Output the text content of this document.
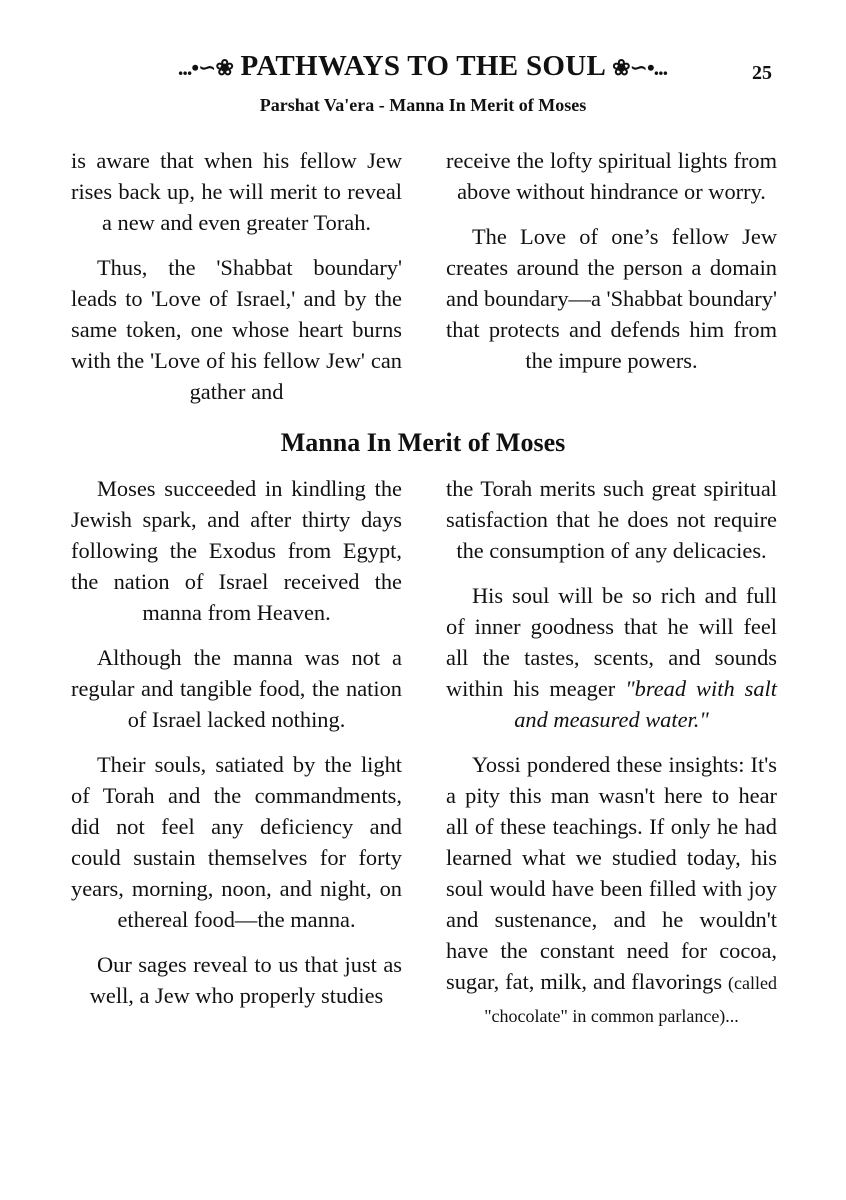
...•∽❀ PATHWAYS TO THE SOUL ❀∽•...	25
Parshat Va'era - Manna In Merit of Moses

is aware that when his fellow Jew rises back up, he will merit to reveal a new and even greater Torah.

Thus, the 'Shabbat boundary' leads to 'Love of Israel,' and by the same token, one whose heart burns with the 'Love of his fellow Jew' can gather and

receive the lofty spiritual lights from above without hindrance or worry.

The Love of one’s fellow Jew creates around the person a domain and boundary—a 'Shabbat boundary' that protects and defends him from the impure powers.

Manna In Merit of Moses

Moses succeeded in kindling the Jewish spark, and after thirty days following the Exodus from Egypt, the nation of Israel received the manna from Heaven.

Although the manna was not a regular and tangible food, the nation of Israel lacked nothing.

Their souls, satiated by the light of Torah and the commandments, did not feel any deficiency and could sustain themselves for forty years, morning, noon, and night, on ethereal food—the manna.

Our sages reveal to us that just as well, a Jew who properly studies

the Torah merits such great spiritual satisfaction that he does not require the consumption of any delicacies.

His soul will be so rich and full of inner goodness that he will feel all the tastes, scents, and sounds within his meager "bread with salt and measured water."

Yossi pondered these insights: It's a pity this man wasn't here to hear all of these teachings. If only he had learned what we studied today, his soul would have been filled with joy and sustenance, and he wouldn't have the constant need for cocoa, sugar, fat, milk, and flavorings (called "chocolate" in common parlance)...
